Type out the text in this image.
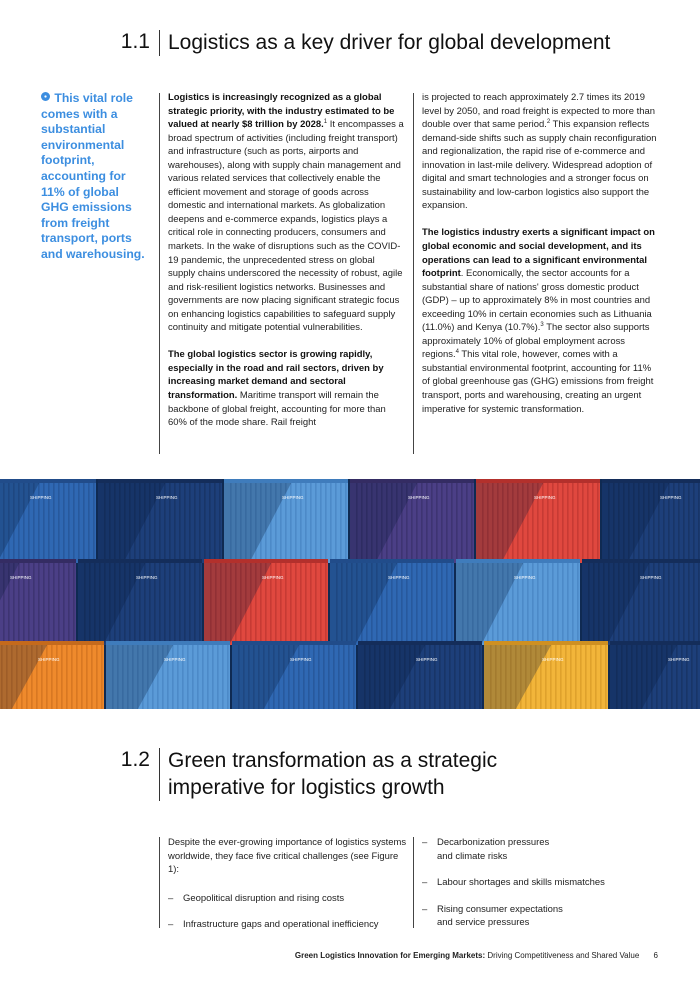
1.1 Logistics as a key driver for global development
This vital role comes with a substantial environmental footprint, accounting for 11% of global GHG emissions from freight transport, ports and warehousing.

Logistics is increasingly recognized as a global strategic priority, with the industry estimated to be valued at nearly $8 trillion by 2028.$^1$ It encompasses a broad spectrum of activities (including freight transport) and infrastructure (such as ports, airports and warehouses), along with supply chain management and various related services that collectively enable the efficient movement and storage of goods across domestic and international markets. As globalization deepens and e-commerce expands, logistics plays a critical role in connecting producers, consumers and markets. In the wake of disruptions such as the COVID-19 pandemic, the unprecedented stress on global supply chains underscored the necessity of robust, agile and risk-resilient logistics networks. Businesses and governments are now placing significant strategic focus on enhancing logistics capabilities to safeguard supply continuity and mitigate potential vulnerabilities.

The global logistics sector is growing rapidly, especially in the road and rail sectors, driven by increasing market demand and sectoral transformation. Maritime transport will remain the backbone of global freight, accounting for more than 60% of the mode share. Rail freight

is projected to reach approximately 2.7 times its 2019 level by 2050, and road freight is expected to more than double over that same period.$^2$ This expansion reflects demand-side shifts such as supply chain reconfiguration and regionalization, the rapid rise of e-commerce and innovation in last-mile delivery. Widespread adoption of digital and smart technologies and a stronger focus on sustainability and low-carbon logistics also support the expansion.

The logistics industry exerts a significant impact on global economic and social development, and its operations can lead to a significant environmental footprint. Economically, the sector accounts for a substantial share of nations' gross domestic product (GDP) – up to approximately 8% in most countries and exceeding 10% in certain economies such as Lithuania (11.0%) and Kenya (10.7%).$^3$ The sector also supports approximately 10% of global employment across regions.$^4$ This vital role, however, comes with a substantial environmental footprint, accounting for 11% of global greenhouse gas (GHG) emissions from freight transport, ports and warehousing, creating an urgent imperative for systemic transformation.

SHIPPING	SHIPPING	SHIPPING	SHIPPING	SHIPPING	SHIPPING
SHIPPING	SHIPPING	SHIPPING	SHIPPING	SHIPPING	SHIPPING
SHIPPING	SHIPPING	SHIPPING	SHIPPING	SHIPPING	SHIPPING
1.2 Green transformation as a strategic
imperative for logistics growth

Despite the ever-growing importance of logistics systems worldwide, they face five critical challenges (see Figure 1):

–	Geopolitical disruption and rising costs
–	Infrastructure gaps and operational inefficiency
–	Decarbonization pressures and climate risks
–	Labour shortages and skills mismatches
–	Rising consumer expectations and service pressures
Green Logistics Innovation for Emerging Markets: Driving Competitiveness and Shared Value 6
